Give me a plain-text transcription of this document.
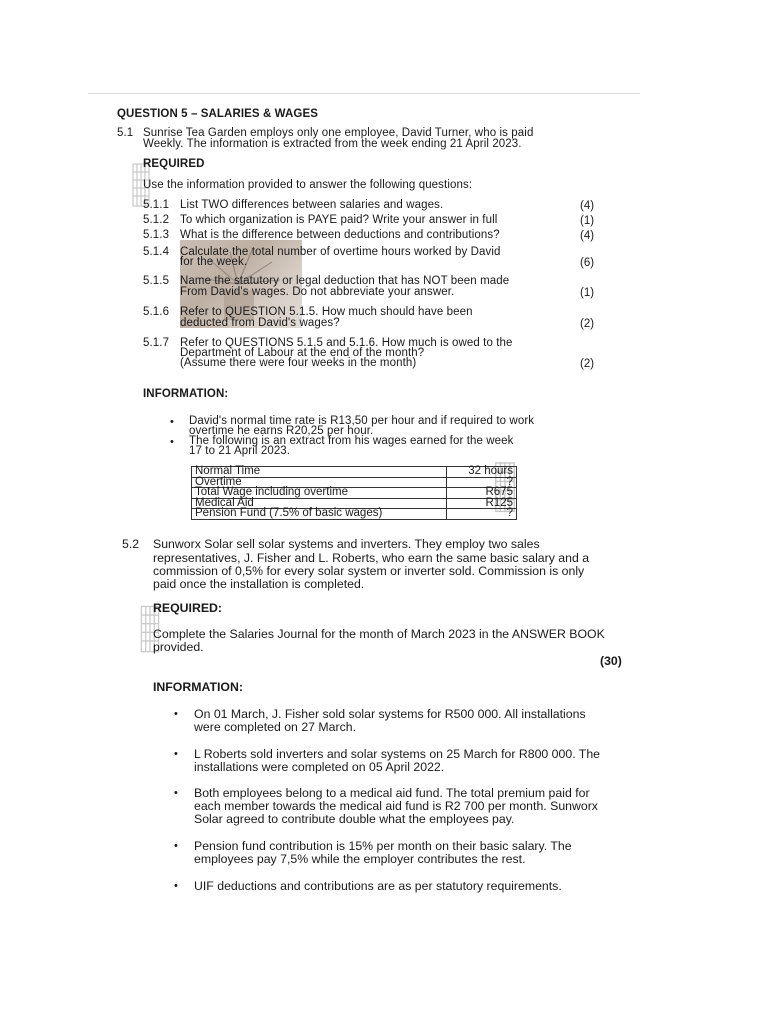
QUESTION 5 – SALARIES & WAGES
5.1 Sunrise Tea Garden employs only one employee, David Turner, who is paid
Weekly. The information is extracted from the week ending 21 April 2023.
REQUIRED
Use the information provided to answer the following questions:
5.1.1 List TWO differences between salaries and wages.	(4)
5.1.2 To which organization is PAYE paid? Write your answer in full	(1)
5.1.3 What is the difference between deductions and contributions?	(4)
5.1.4 Calculate the total number of overtime hours worked by David
for the week.	(6)
5.1.5 Name the statutory or legal deduction that has NOT been made
From David's wages. Do not abbreviate your answer.	(1)
5.1.6 Refer to QUESTION 5.1.5. How much should have been
deducted from David's wages?	(2)
5.1.7 Refer to QUESTIONS 5.1.5 and 5.1.6. How much is owed to the
Department of Labour at the end of the month?
(Assume there were four weeks in the month)	(2)
INFORMATION:
• David's normal time rate is R13,50 per hour and if required to work
overtime he earns R20,25 per hour.
• The following is an extract from his wages earned for the week
17 to 21 April 2023.
Normal Time	32 hours
Overtime	?
Total Wage including overtime	R675
Medical Aid	R125
Pension Fund (7.5% of basic wages)	?
5.2 Sunworx Solar sell solar systems and inverters. They employ two sales
representatives, J. Fisher and L. Roberts, who earn the same basic salary and a
commission of 0,5% for every solar system or inverter sold. Commission is only
paid once the installation is completed.
REQUIRED:
Complete the Salaries Journal for the month of March 2023 in the ANSWER BOOK
provided.
(30)
INFORMATION:
• On 01 March, J. Fisher sold solar systems for R500 000. All installations
were completed on 27 March.
• L Roberts sold inverters and solar systems on 25 March for R800 000. The
installations were completed on 05 April 2022.
• Both employees belong to a medical aid fund. The total premium paid for
each member towards the medical aid fund is R2 700 per month. Sunworx
Solar agreed to contribute double what the employees pay.
• Pension fund contribution is 15% per month on their basic salary. The
employees pay 7,5% while the employer contributes the rest.
• UIF deductions and contributions are as per statutory requirements.
